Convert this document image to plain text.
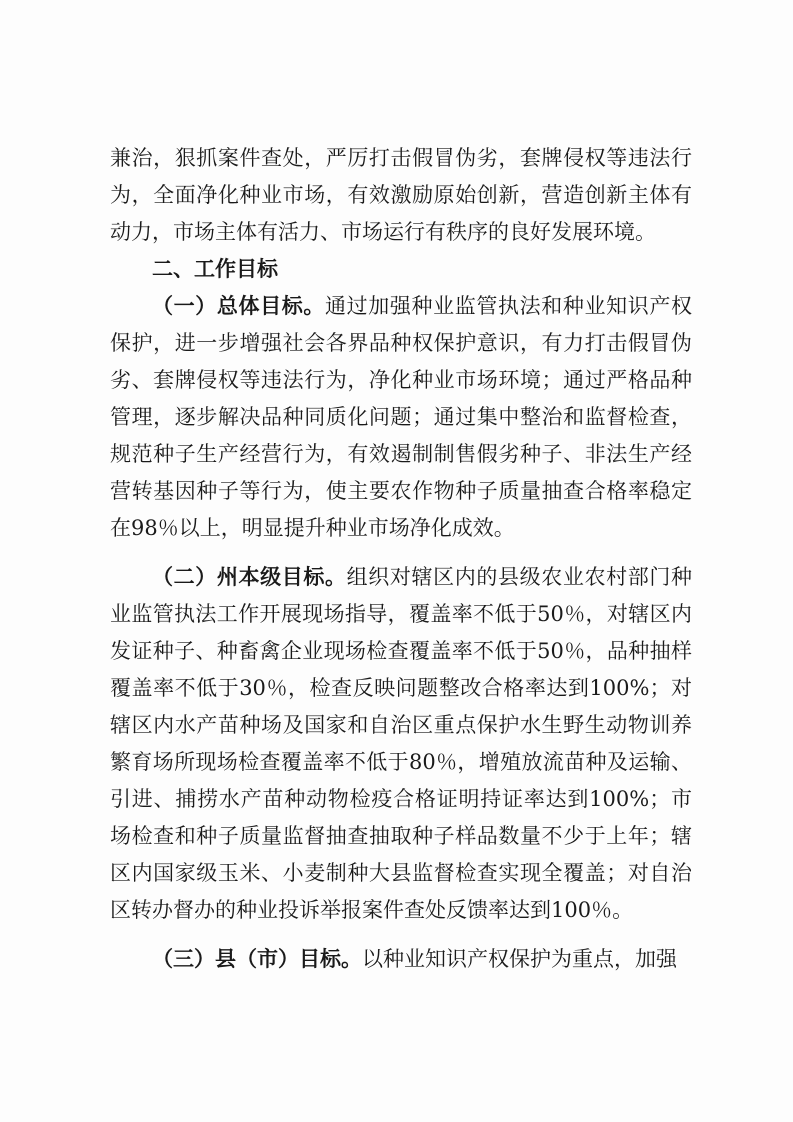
兼治，狠抓案件查处，严厉打击假冒伪劣，套牌侵权等违法行为，全面净化种业市场，有效激励原始创新，营造创新主体有动力，市场主体有活力、市场运行有秩序的良好发展环境。

二、工作目标

（一）总体目标。通过加强种业监管执法和种业知识产权保护，进一步增强社会各界品种权保护意识，有力打击假冒伪劣、套牌侵权等违法行为，净化种业市场环境；通过严格品种管理，逐步解决品种同质化问题；通过集中整治和监督检查，规范种子生产经营行为，有效遏制制售假劣种子、非法生产经营转基因种子等行为，使主要农作物种子质量抽查合格率稳定在98％以上，明显提升种业市场净化成效。

（二）州本级目标。组织对辖区内的县级农业农村部门种业监管执法工作开展现场指导，覆盖率不低于50％，对辖区内发证种子、种畜禽企业现场检查覆盖率不低于50％，品种抽样覆盖率不低于30％，检查反映问题整改合格率达到100%；对辖区内水产苗种场及国家和自治区重点保护水生野生动物训养繁育场所现场检查覆盖率不低于80％，增殖放流苗种及运输、引进、捕捞水产苗种动物检疫合格证明持证率达到100%；市场检查和种子质量监督抽查抽取种子样品数量不少于上年；辖区内国家级玉米、小麦制种大县监督检查实现全覆盖；对自治区转办督办的种业投诉举报案件查处反馈率达到100％。

（三）县（市）目标。以种业知识产权保护为重点，加强
